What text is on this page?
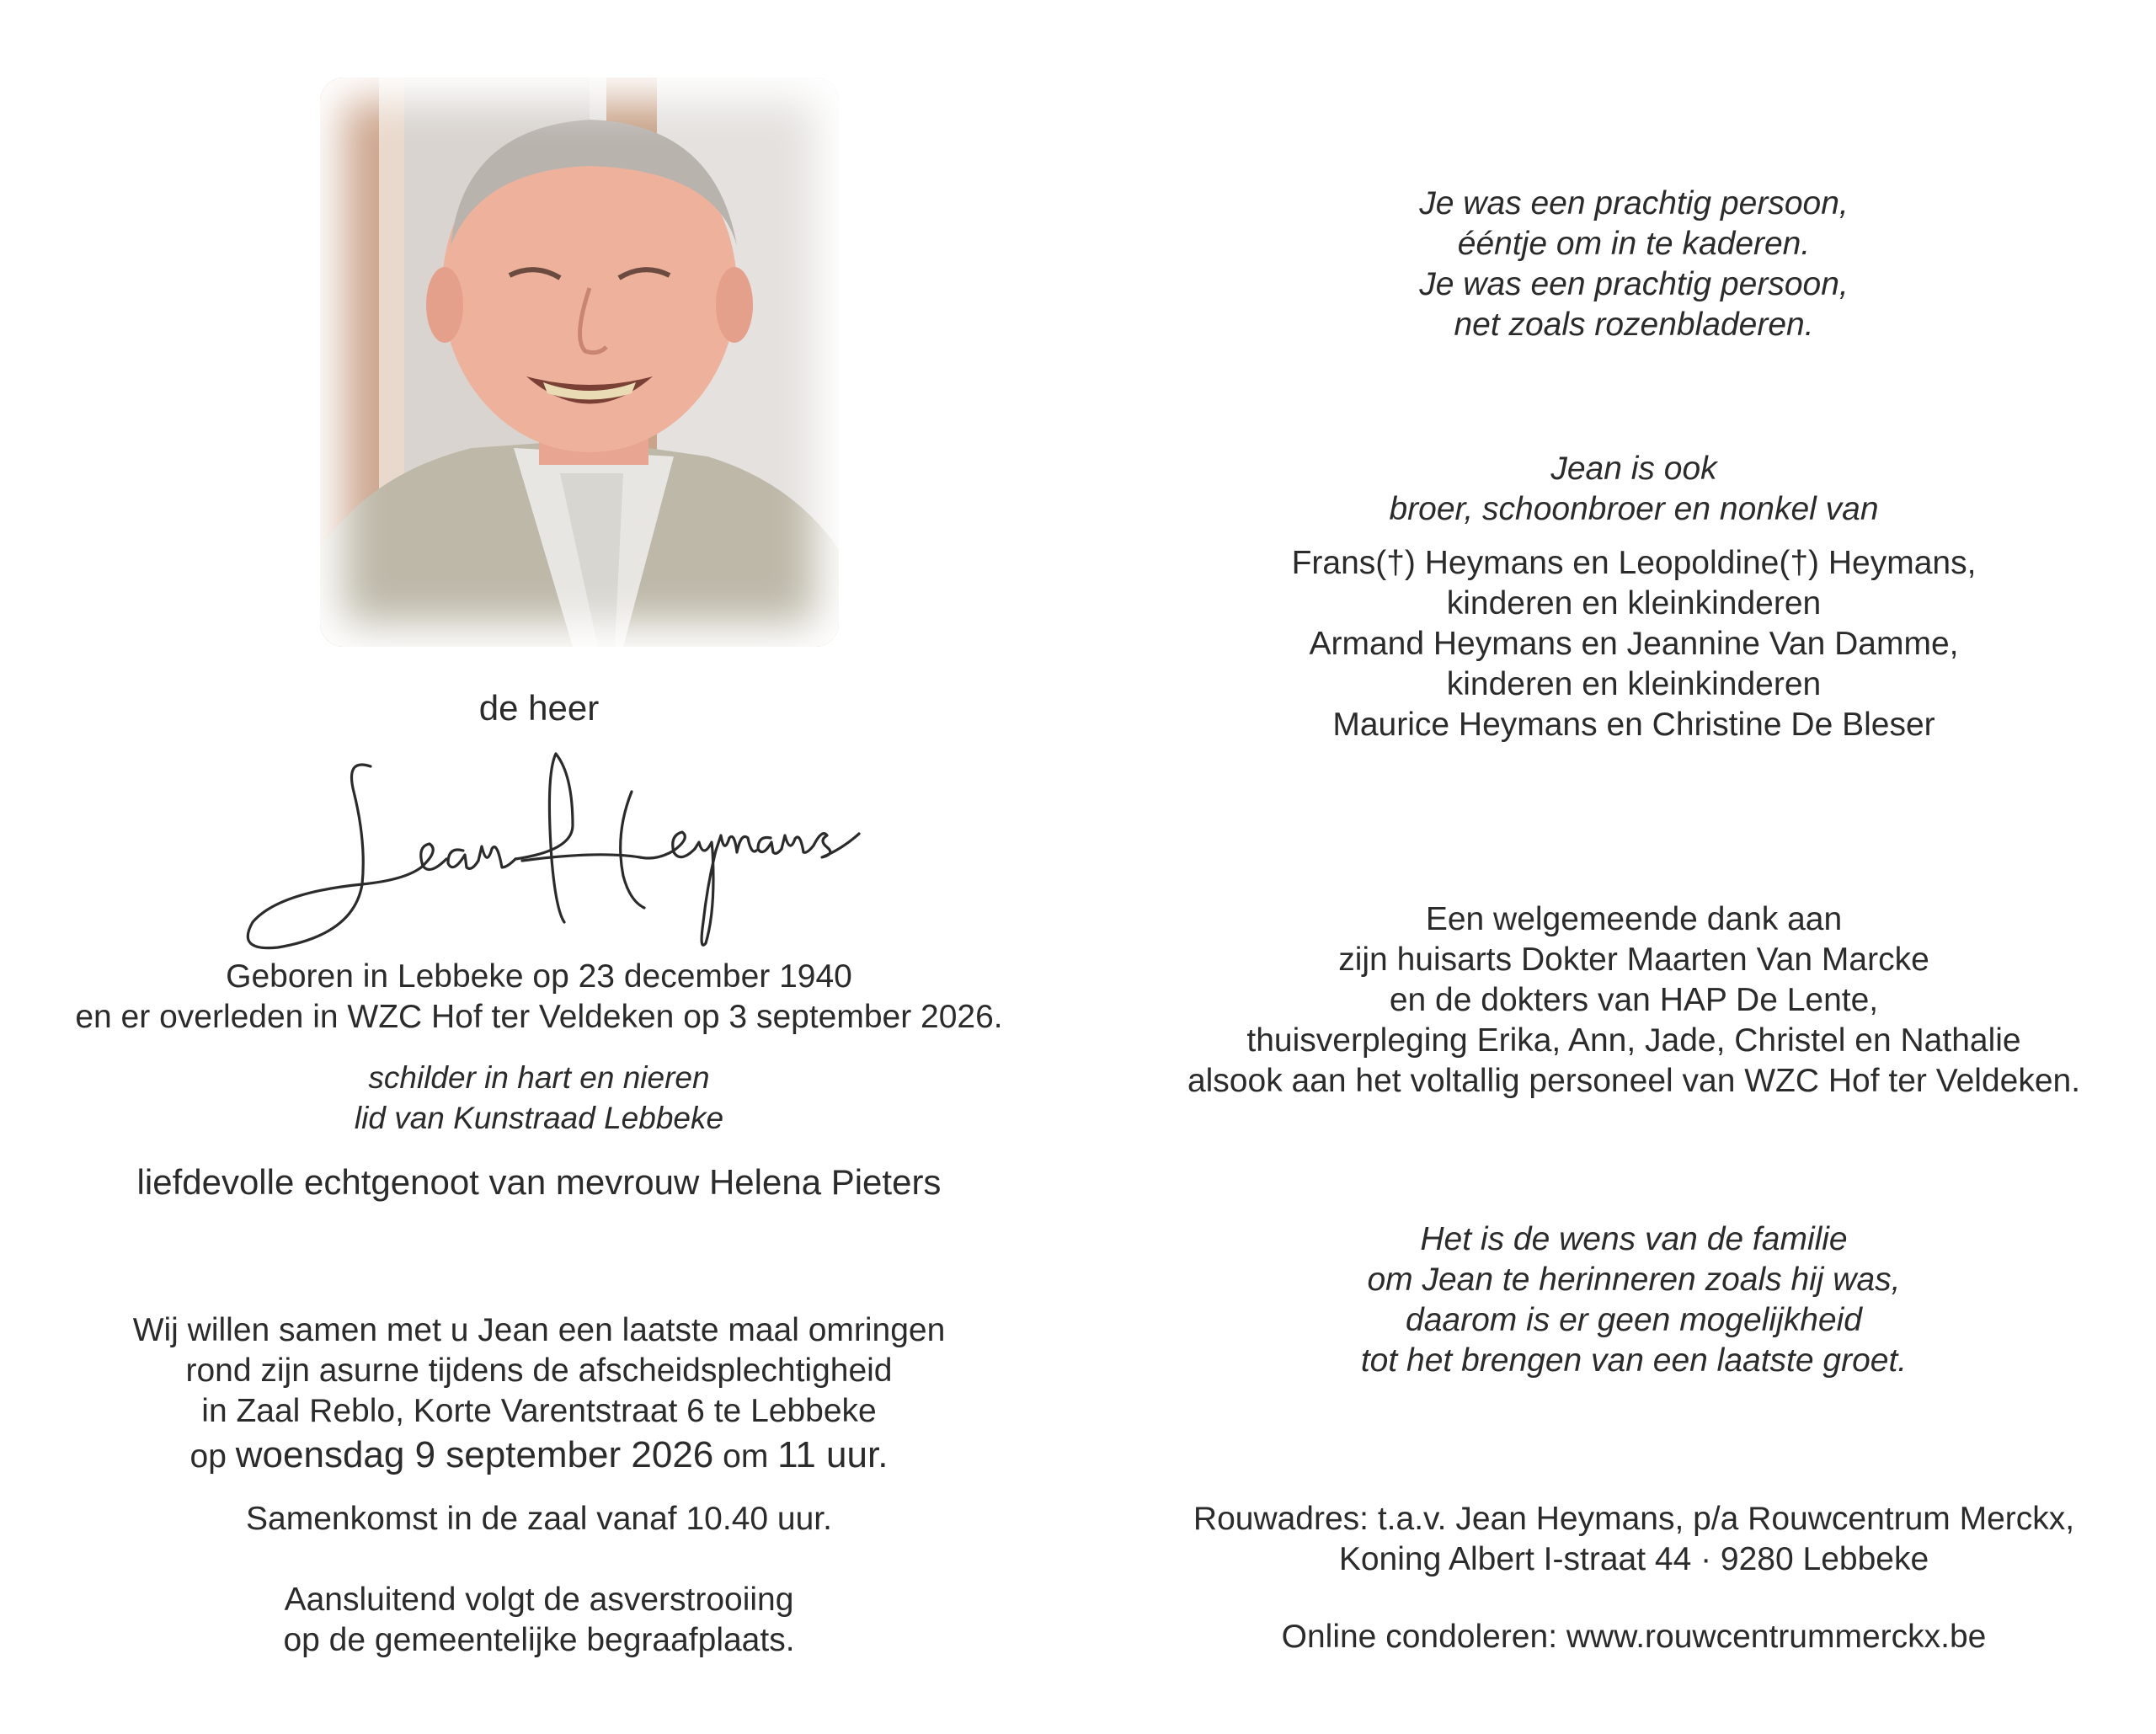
de heer
Geboren in Lebbeke op 23 december 1940
en er overleden in WZC Hof ter Veldeken op 3 september 2026.
schilder in hart en nieren
lid van Kunstraad Lebbeke
liefdevolle echtgenoot van mevrouw Helena Pieters
Wij willen samen met u Jean een laatste maal omringen
rond zijn asurne tijdens de afscheidsplechtigheid
in Zaal Reblo, Korte Varentstraat 6 te Lebbeke
op woensdag 9 september 2026 om 11 uur.
Samenkomst in de zaal vanaf 10.40 uur.
Aansluitend volgt de asverstrooiing
op de gemeentelijke begraafplaats.
Je was een prachtig persoon,
ééntje om in te kaderen.
Je was een prachtig persoon,
net zoals rozenbladeren.
Jean is ook
broer, schoonbroer en nonkel van
Frans(†) Heymans en Leopoldine(†) Heymans,
kinderen en kleinkinderen
Armand Heymans en Jeannine Van Damme,
kinderen en kleinkinderen
Maurice Heymans en Christine De Bleser
Een welgemeende dank aan
zijn huisarts Dokter Maarten Van Marcke
en de dokters van HAP De Lente,
thuisverpleging Erika, Ann, Jade, Christel en Nathalie
alsook aan het voltallig personeel van WZC Hof ter Veldeken.
Het is de wens van de familie
om Jean te herinneren zoals hij was,
daarom is er geen mogelijkheid
tot het brengen van een laatste groet.
Rouwadres: t.a.v. Jean Heymans, p/a Rouwcentrum Merckx,
Koning Albert I-straat 44 · 9280 Lebbeke
Online condoleren: www.rouwcentrummerckx.be
